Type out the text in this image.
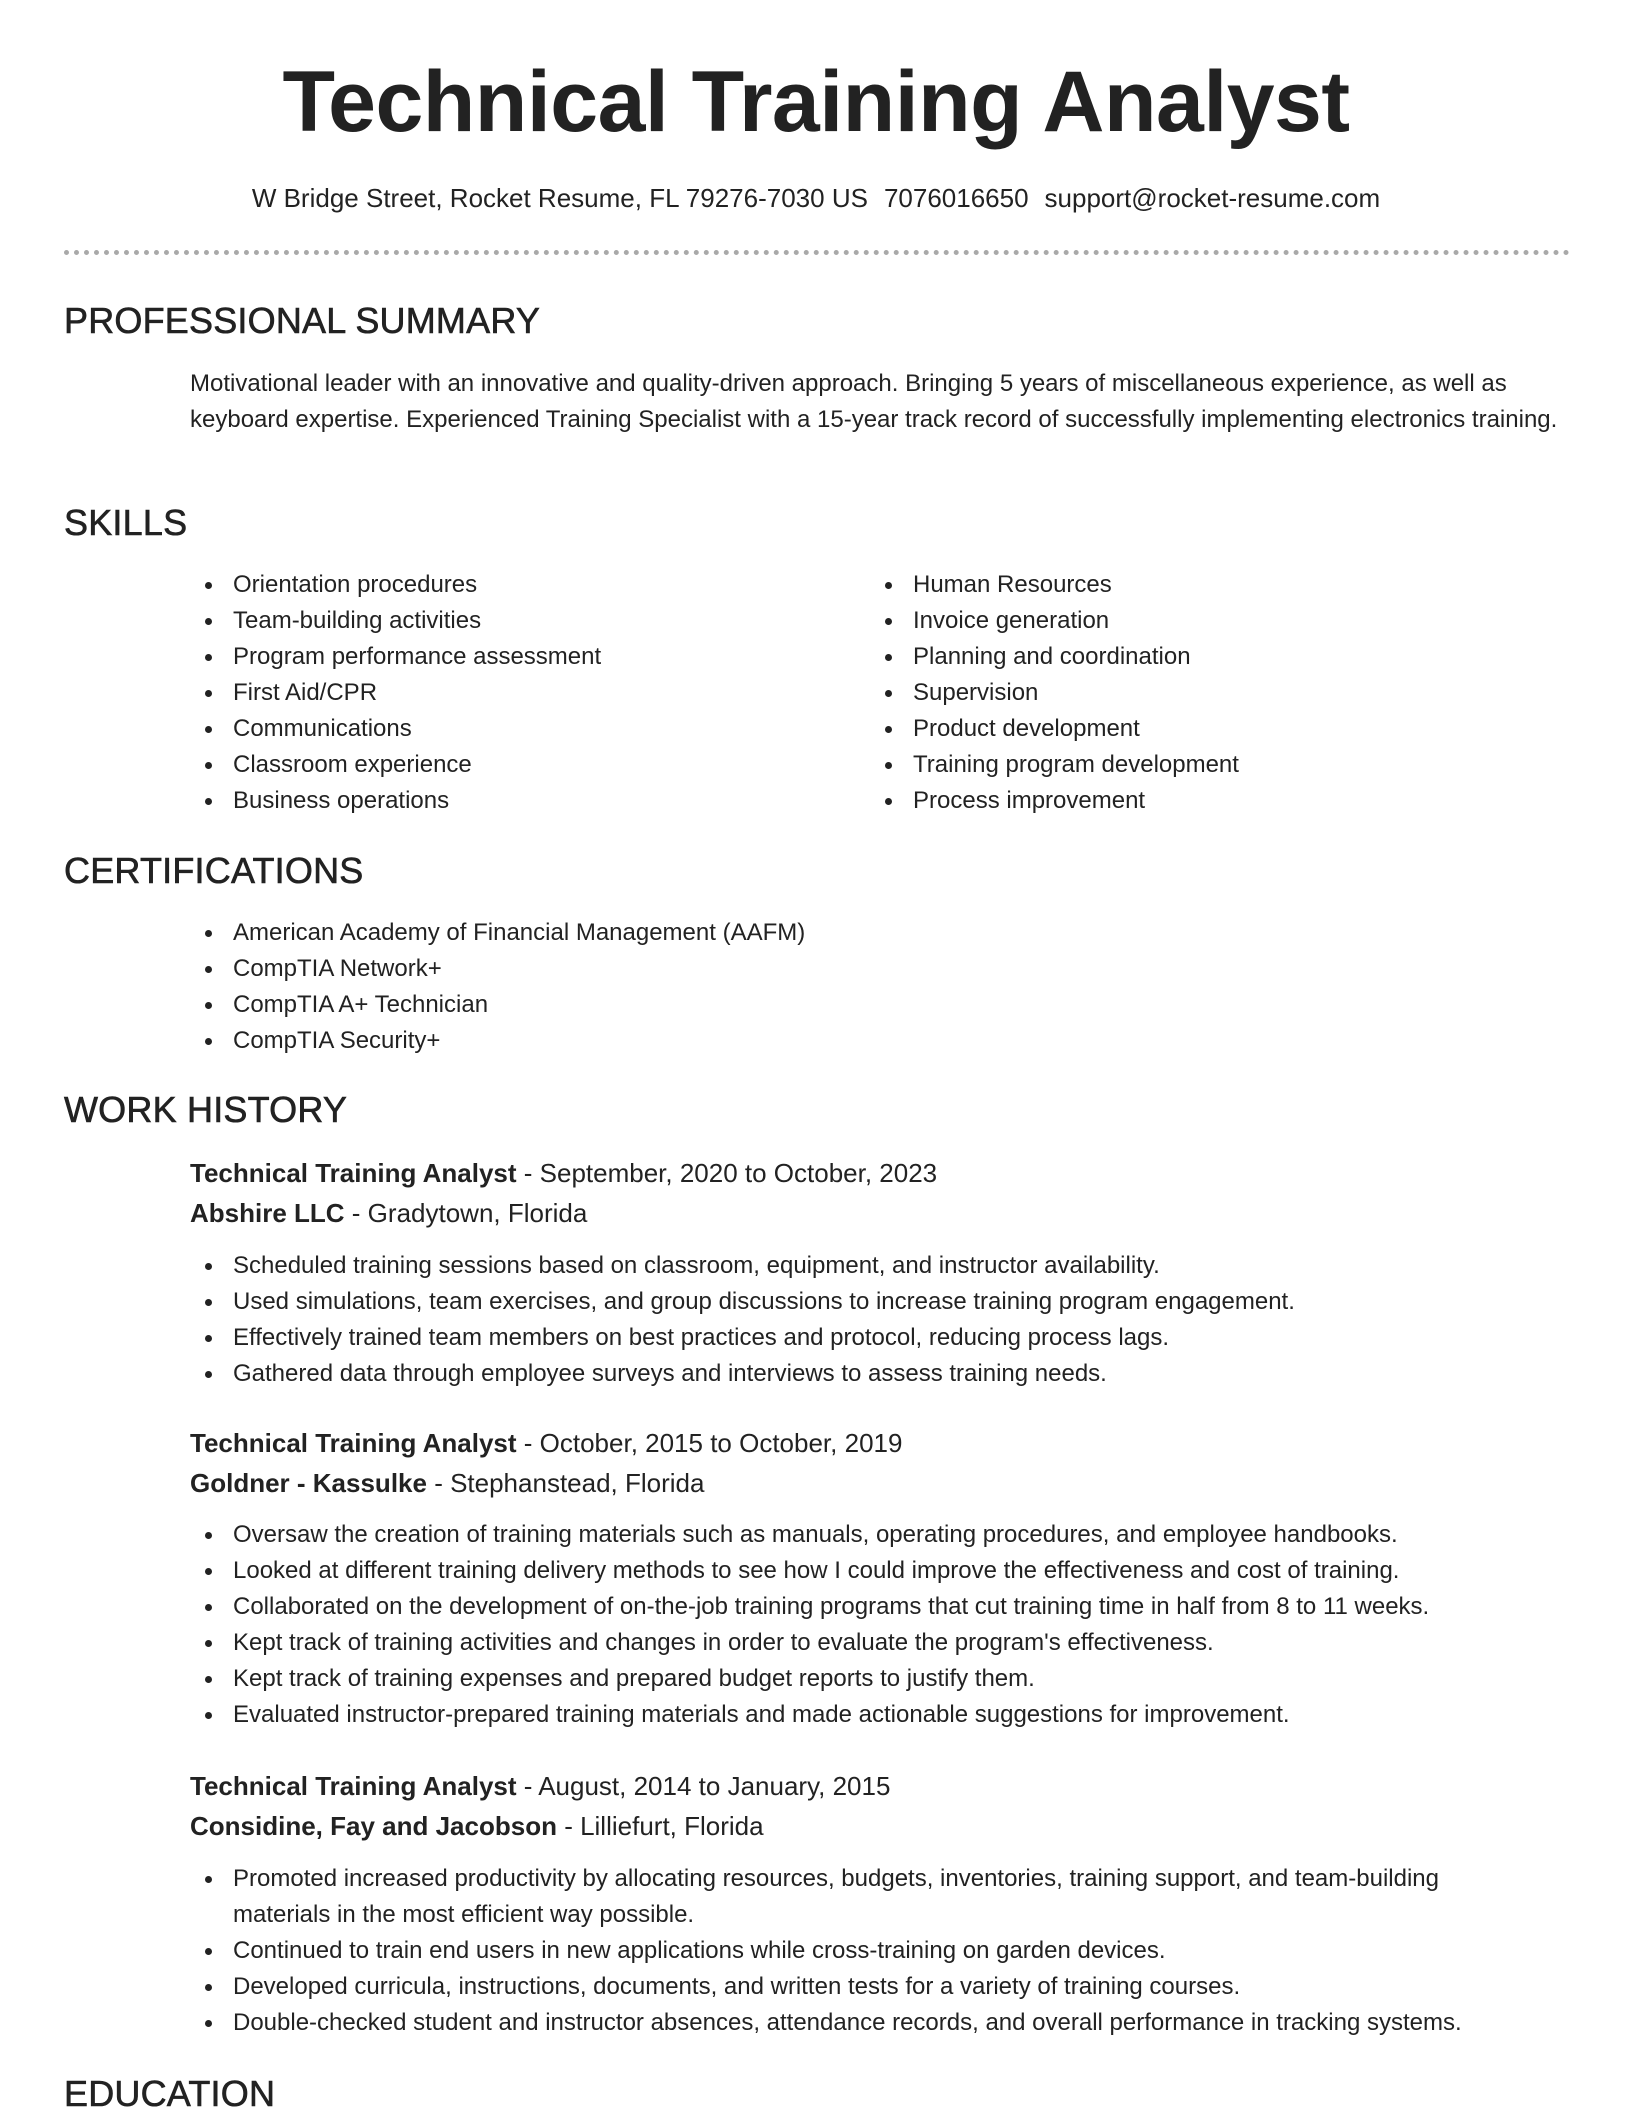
Technical Training Analyst
W Bridge Street, Rocket Resume, FL 79276-7030 US 7076016650 support@rocket-resume.com
PROFESSIONAL SUMMARY
Motivational leader with an innovative and quality-driven approach. Bringing 5 years of miscellaneous experience, as well as keyboard expertise. Experienced Training Specialist with a 15-year track record of successfully implementing electronics training.
SKILLS
Orientation procedures
Team-building activities
Program performance assessment
First Aid/CPR
Communications
Classroom experience
Business operations
Human Resources
Invoice generation
Planning and coordination
Supervision
Product development
Training program development
Process improvement
CERTIFICATIONS
American Academy of Financial Management (AAFM)
CompTIA Network+
CompTIA A+ Technician
CompTIA Security+
WORK HISTORY
Technical Training Analyst - September, 2020 to October, 2023
Abshire LLC - Gradytown, Florida
Scheduled training sessions based on classroom, equipment, and instructor availability.
Used simulations, team exercises, and group discussions to increase training program engagement.
Effectively trained team members on best practices and protocol, reducing process lags.
Gathered data through employee surveys and interviews to assess training needs.
Technical Training Analyst - October, 2015 to October, 2019
Goldner - Kassulke - Stephanstead, Florida
Oversaw the creation of training materials such as manuals, operating procedures, and employee handbooks.
Looked at different training delivery methods to see how I could improve the effectiveness and cost of training.
Collaborated on the development of on-the-job training programs that cut training time in half from 8 to 11 weeks.
Kept track of training activities and changes in order to evaluate the program's effectiveness.
Kept track of training expenses and prepared budget reports to justify them.
Evaluated instructor-prepared training materials and made actionable suggestions for improvement.
Technical Training Analyst - August, 2014 to January, 2015
Considine, Fay and Jacobson - Lilliefurt, Florida
Promoted increased productivity by allocating resources, budgets, inventories, training support, and team-building materials in the most efficient way possible.
Continued to train end users in new applications while cross-training on garden devices.
Developed curricula, instructions, documents, and written tests for a variety of training courses.
Double-checked student and instructor absences, attendance records, and overall performance in tracking systems.
EDUCATION
